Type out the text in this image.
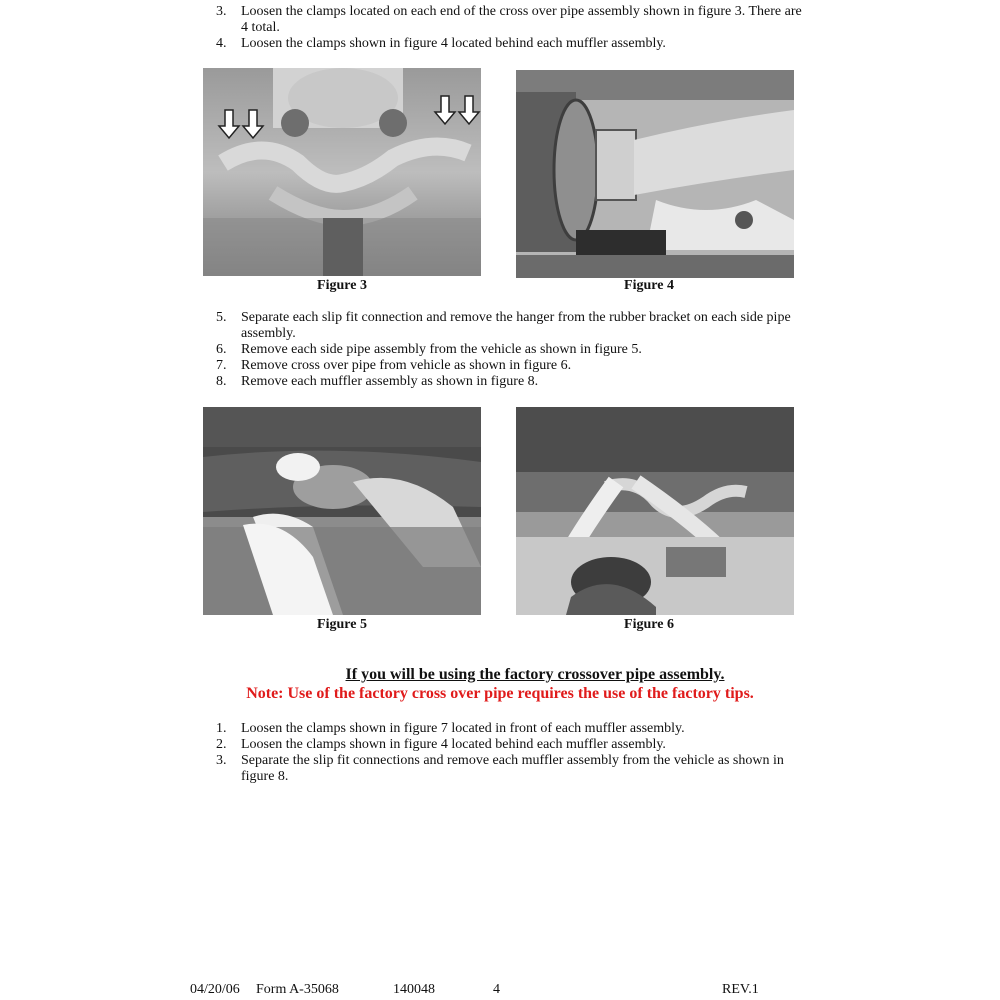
3. Loosen the clamps located on each end of the cross over pipe assembly shown in figure 3. There are 4 total.
4. Loosen the clamps shown in figure 4 located behind each muffler assembly.
Figure 3	Figure 4
5. Separate each slip fit connection and remove the hanger from the rubber bracket on each side pipe assembly.
6. Remove each side pipe assembly from the vehicle as shown in figure 5.
7. Remove cross over pipe from vehicle as shown in figure 6.
8. Remove each muffler assembly as shown in figure 8.
Figure 5	Figure 6
If you will be using the factory crossover pipe assembly.
Note: Use of the factory cross over pipe requires the use of the factory tips.
1. Loosen the clamps shown in figure 7 located in front of each muffler assembly.
2. Loosen the clamps shown in figure 4 located behind each muffler assembly.
3. Separate the slip fit connections and remove each muffler assembly from the vehicle as shown in figure 8.
04/20/06 Form A-35068	140048	4	REV.1
